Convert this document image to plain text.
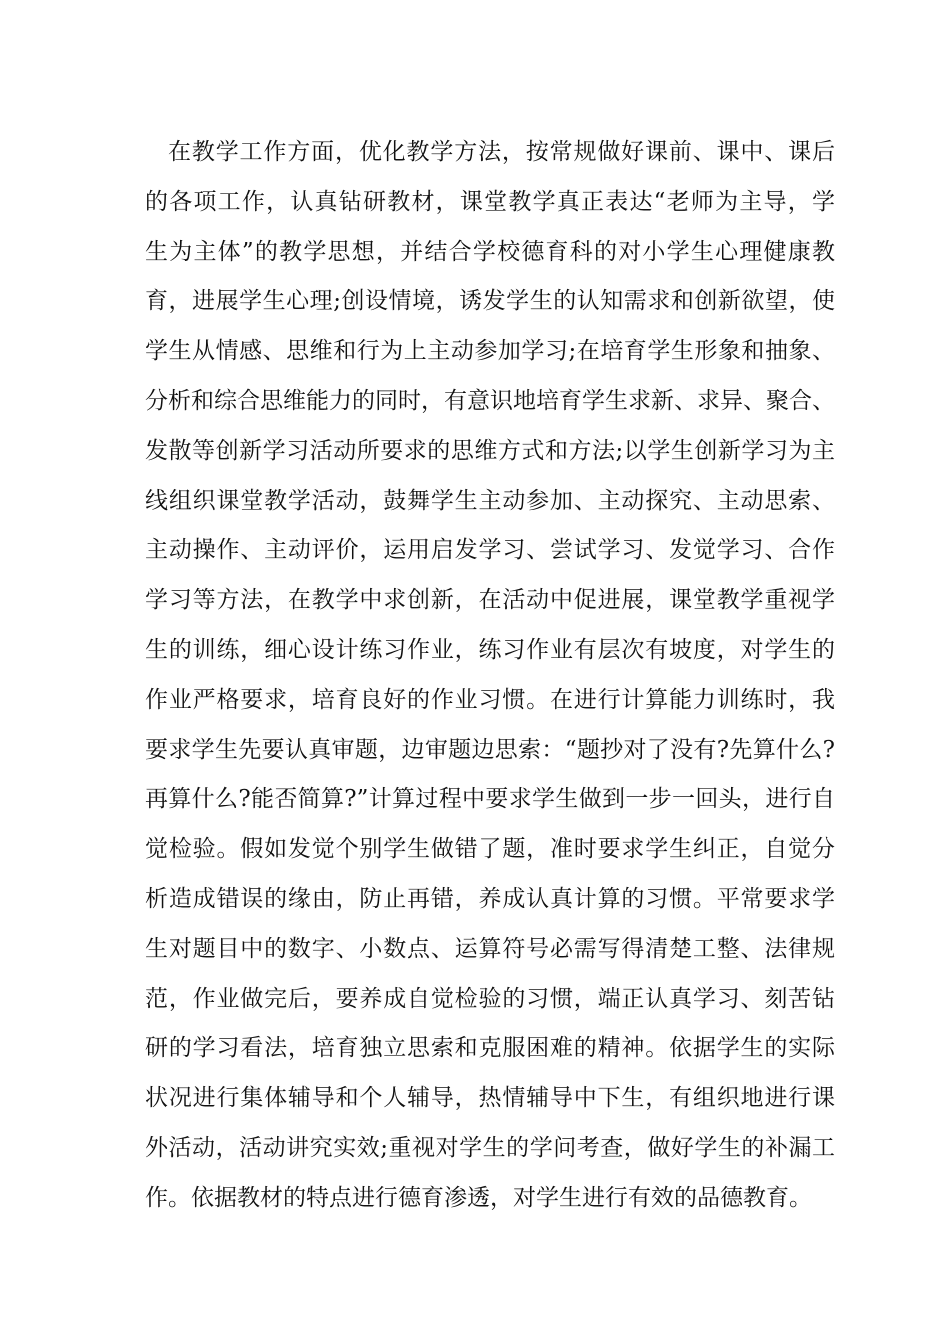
在教学工作方面，优化教学方法，按常规做好课前、课中、课后
的各项工作，认真钻研教材，课堂教学真正表达“老师为主导，学
生为主体”的教学思想，并结合学校德育科的对小学生心理健康教
育，进展学生心理;创设情境，诱发学生的认知需求和创新欲望，使
学生从情感、思维和行为上主动参加学习;在培育学生形象和抽象、
分析和综合思维能力的同时，有意识地培育学生求新、求异、聚合、
发散等创新学习活动所要求的思维方式和方法;以学生创新学习为主
线组织课堂教学活动，鼓舞学生主动参加、主动探究、主动思索、
主动操作、主动评价，运用启发学习、尝试学习、发觉学习、合作
学习等方法，在教学中求创新，在活动中促进展，课堂教学重视学
生的训练，细心设计练习作业，练习作业有层次有坡度，对学生的
作业严格要求，培育良好的作业习惯。在进行计算能力训练时，我
要求学生先要认真审题，边审题边思索：“题抄对了没有?先算什么?
再算什么?能否简算?”计算过程中要求学生做到一步一回头，进行自
觉检验。假如发觉个别学生做错了题，准时要求学生纠正，自觉分
析造成错误的缘由，防止再错，养成认真计算的习惯。平常要求学
生对题目中的数字、小数点、运算符号必需写得清楚工整、法律规
范，作业做完后，要养成自觉检验的习惯，端正认真学习、刻苦钻
研的学习看法，培育独立思索和克服困难的精神。依据学生的实际
状况进行集体辅导和个人辅导，热情辅导中下生，有组织地进行课
外活动，活动讲究实效;重视对学生的学问考查，做好学生的补漏工
作。依据教材的特点进行德育渗透，对学生进行有效的品德教育。
